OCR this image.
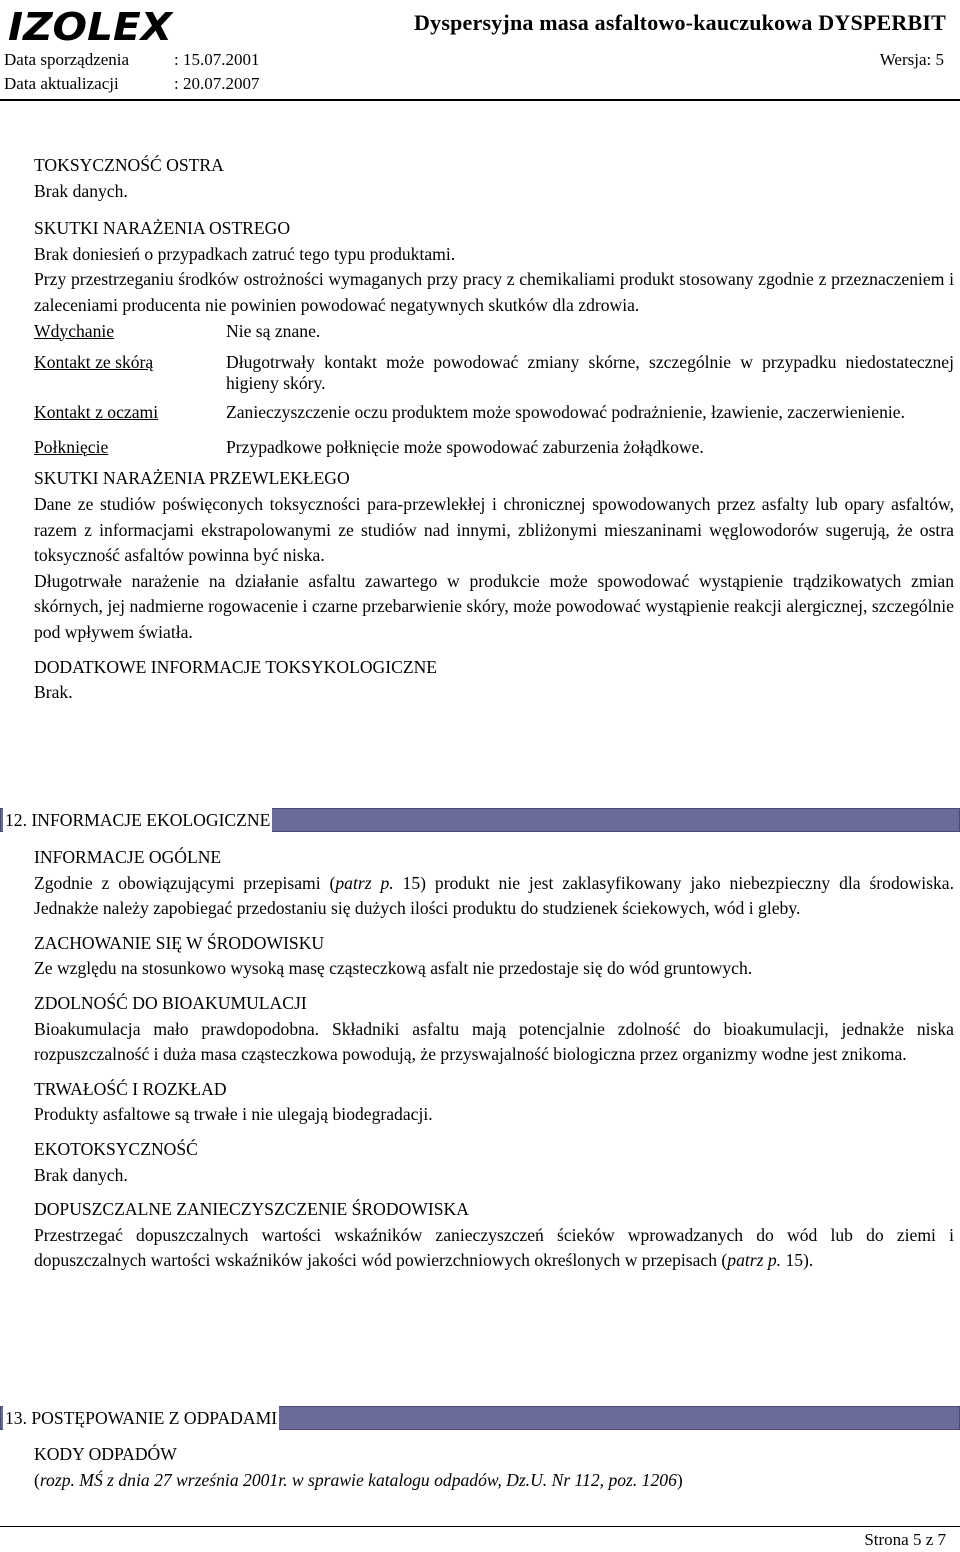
IZOLEX	Dyspersyjna masa asfaltowo-kauczukowa DYSPERBIT
Data sporządzenia	: 15.07.2001	Wersja: 5
Data aktualizacji	: 20.07.2007

TOKSYCZNOŚĆ OSTRA

Brak danych.

SKUTKI NARAŻENIA OSTREGO

Brak doniesień o przypadkach zatruć tego typu produktami.

Przy przestrzeganiu środków ostrożności wymaganych przy pracy z chemikaliami produkt stosowany zgodnie z przeznaczeniem i zaleceniami producenta nie powinien powodować negatywnych skutków dla zdrowia.

Wdychanie	Nie są znane.
Kontakt ze skórą	Długotrwały kontakt może powodować zmiany skórne, szczególnie w przypadku niedostatecznej higieny skóry.
Kontakt z oczami	Zanieczyszczenie oczu produktem może spowodować podrażnienie, łzawienie, zaczerwienienie.
Połknięcie	Przypadkowe połknięcie może spowodować zaburzenia żołądkowe.

SKUTKI NARAŻENIA PRZEWLEKŁEGO

Dane ze studiów poświęconych toksyczności para-przewlekłej i chronicznej spowodowanych przez asfalty lub opary asfaltów, razem z informacjami ekstrapolowanymi ze studiów nad innymi, zbliżonymi mieszaninami węglowodorów sugerują, że ostra toksyczność asfaltów powinna być niska.

Długotrwałe narażenie na działanie asfaltu zawartego w produkcie może spowodować wystąpienie trądzikowatych zmian skórnych, jej nadmierne rogowacenie i czarne przebarwienie skóry, może powodować wystąpienie reakcji alergicznej, szczególnie pod wpływem światła.

DODATKOWE INFORMACJE TOKSYKOLOGICZNE

Brak.

12. INFORMACJE EKOLOGICZNE

INFORMACJE OGÓLNE

Zgodnie z obowiązującymi przepisami (patrz p. 15) produkt nie jest zaklasyfikowany jako niebezpieczny dla środowiska. Jednakże należy zapobiegać przedostaniu się dużych ilości produktu do studzienek ściekowych, wód i gleby.

ZACHOWANIE SIĘ W ŚRODOWISKU

Ze względu na stosunkowo wysoką masę cząsteczkową asfalt nie przedostaje się do wód gruntowych.

ZDOLNOŚĆ DO BIOAKUMULACJI

Bioakumulacja mało prawdopodobna. Składniki asfaltu mają potencjalnie zdolność do bioakumulacji, jednakże niska rozpuszczalność i duża masa cząsteczkowa powodują, że przyswajalność biologiczna przez organizmy wodne jest znikoma.

TRWAŁOŚĆ I ROZKŁAD

Produkty asfaltowe są trwałe i nie ulegają biodegradacji.

EKOTOKSYCZNOŚĆ

Brak danych.

DOPUSZCZALNE ZANIECZYSZCZENIE ŚRODOWISKA

Przestrzegać dopuszczalnych wartości wskaźników zanieczyszczeń ścieków wprowadzanych do wód lub do ziemi i dopuszczalnych wartości wskaźników jakości wód powierzchniowych określonych w przepisach (patrz p. 15).

13. POSTĘPOWANIE Z ODPADAMI

KODY ODPADÓW

(rozp. MŚ z dnia 27 września 2001r. w sprawie katalogu odpadów, Dz.U. Nr 112, poz. 1206)

Strona 5 z 7
